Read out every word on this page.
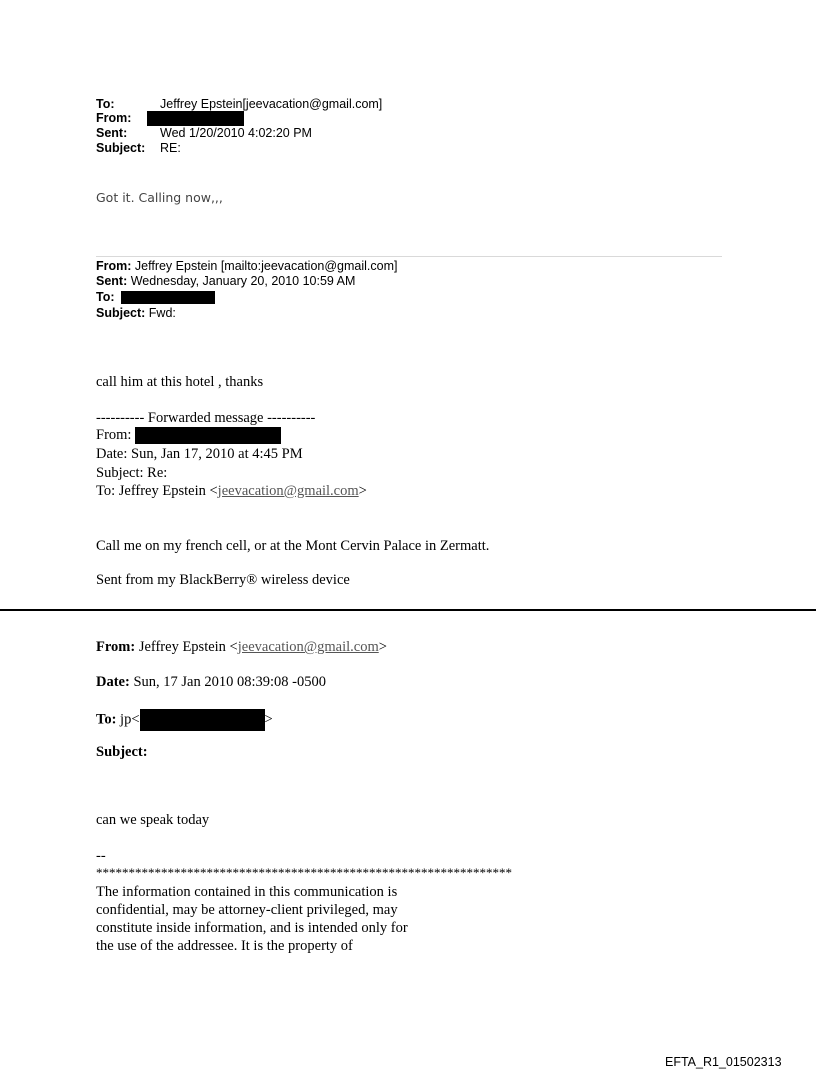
To:	Jeffrey Epstein[jeevacation@gmail.com]
From:
Sent:	Wed 1/20/2010 4:02:20 PM
Subject: RE:
Got it. Calling now,,,
From: Jeffrey Epstein [mailto:jeevacation@gmail.com]
Sent: Wednesday, January 20, 2010 10:59 AM
To:
Subject: Fwd:
call him at this hotel , thanks
---------- Forwarded message ----------
From:
Date: Sun, Jan 17, 2010 at 4:45 PM
Subject: Re:
To: Jeffrey Epstein <jeevacation@gmail.com>
Call me on my french cell, or at the Mont Cervin Palace in Zermatt.
Sent from my BlackBerry® wireless device
From: Jeffrey Epstein <jeevacation@gmail.com>
Date: Sun, 17 Jan 2010 08:39:08 -0500
To: jp<	>
Subject:
can we speak today
--
****************************************************************
The information contained in this communication is
confidential, may be attorney-client privileged, may
constitute inside information, and is intended only for
the use of the addressee. It is the property of
EFTA_R1_01502313
